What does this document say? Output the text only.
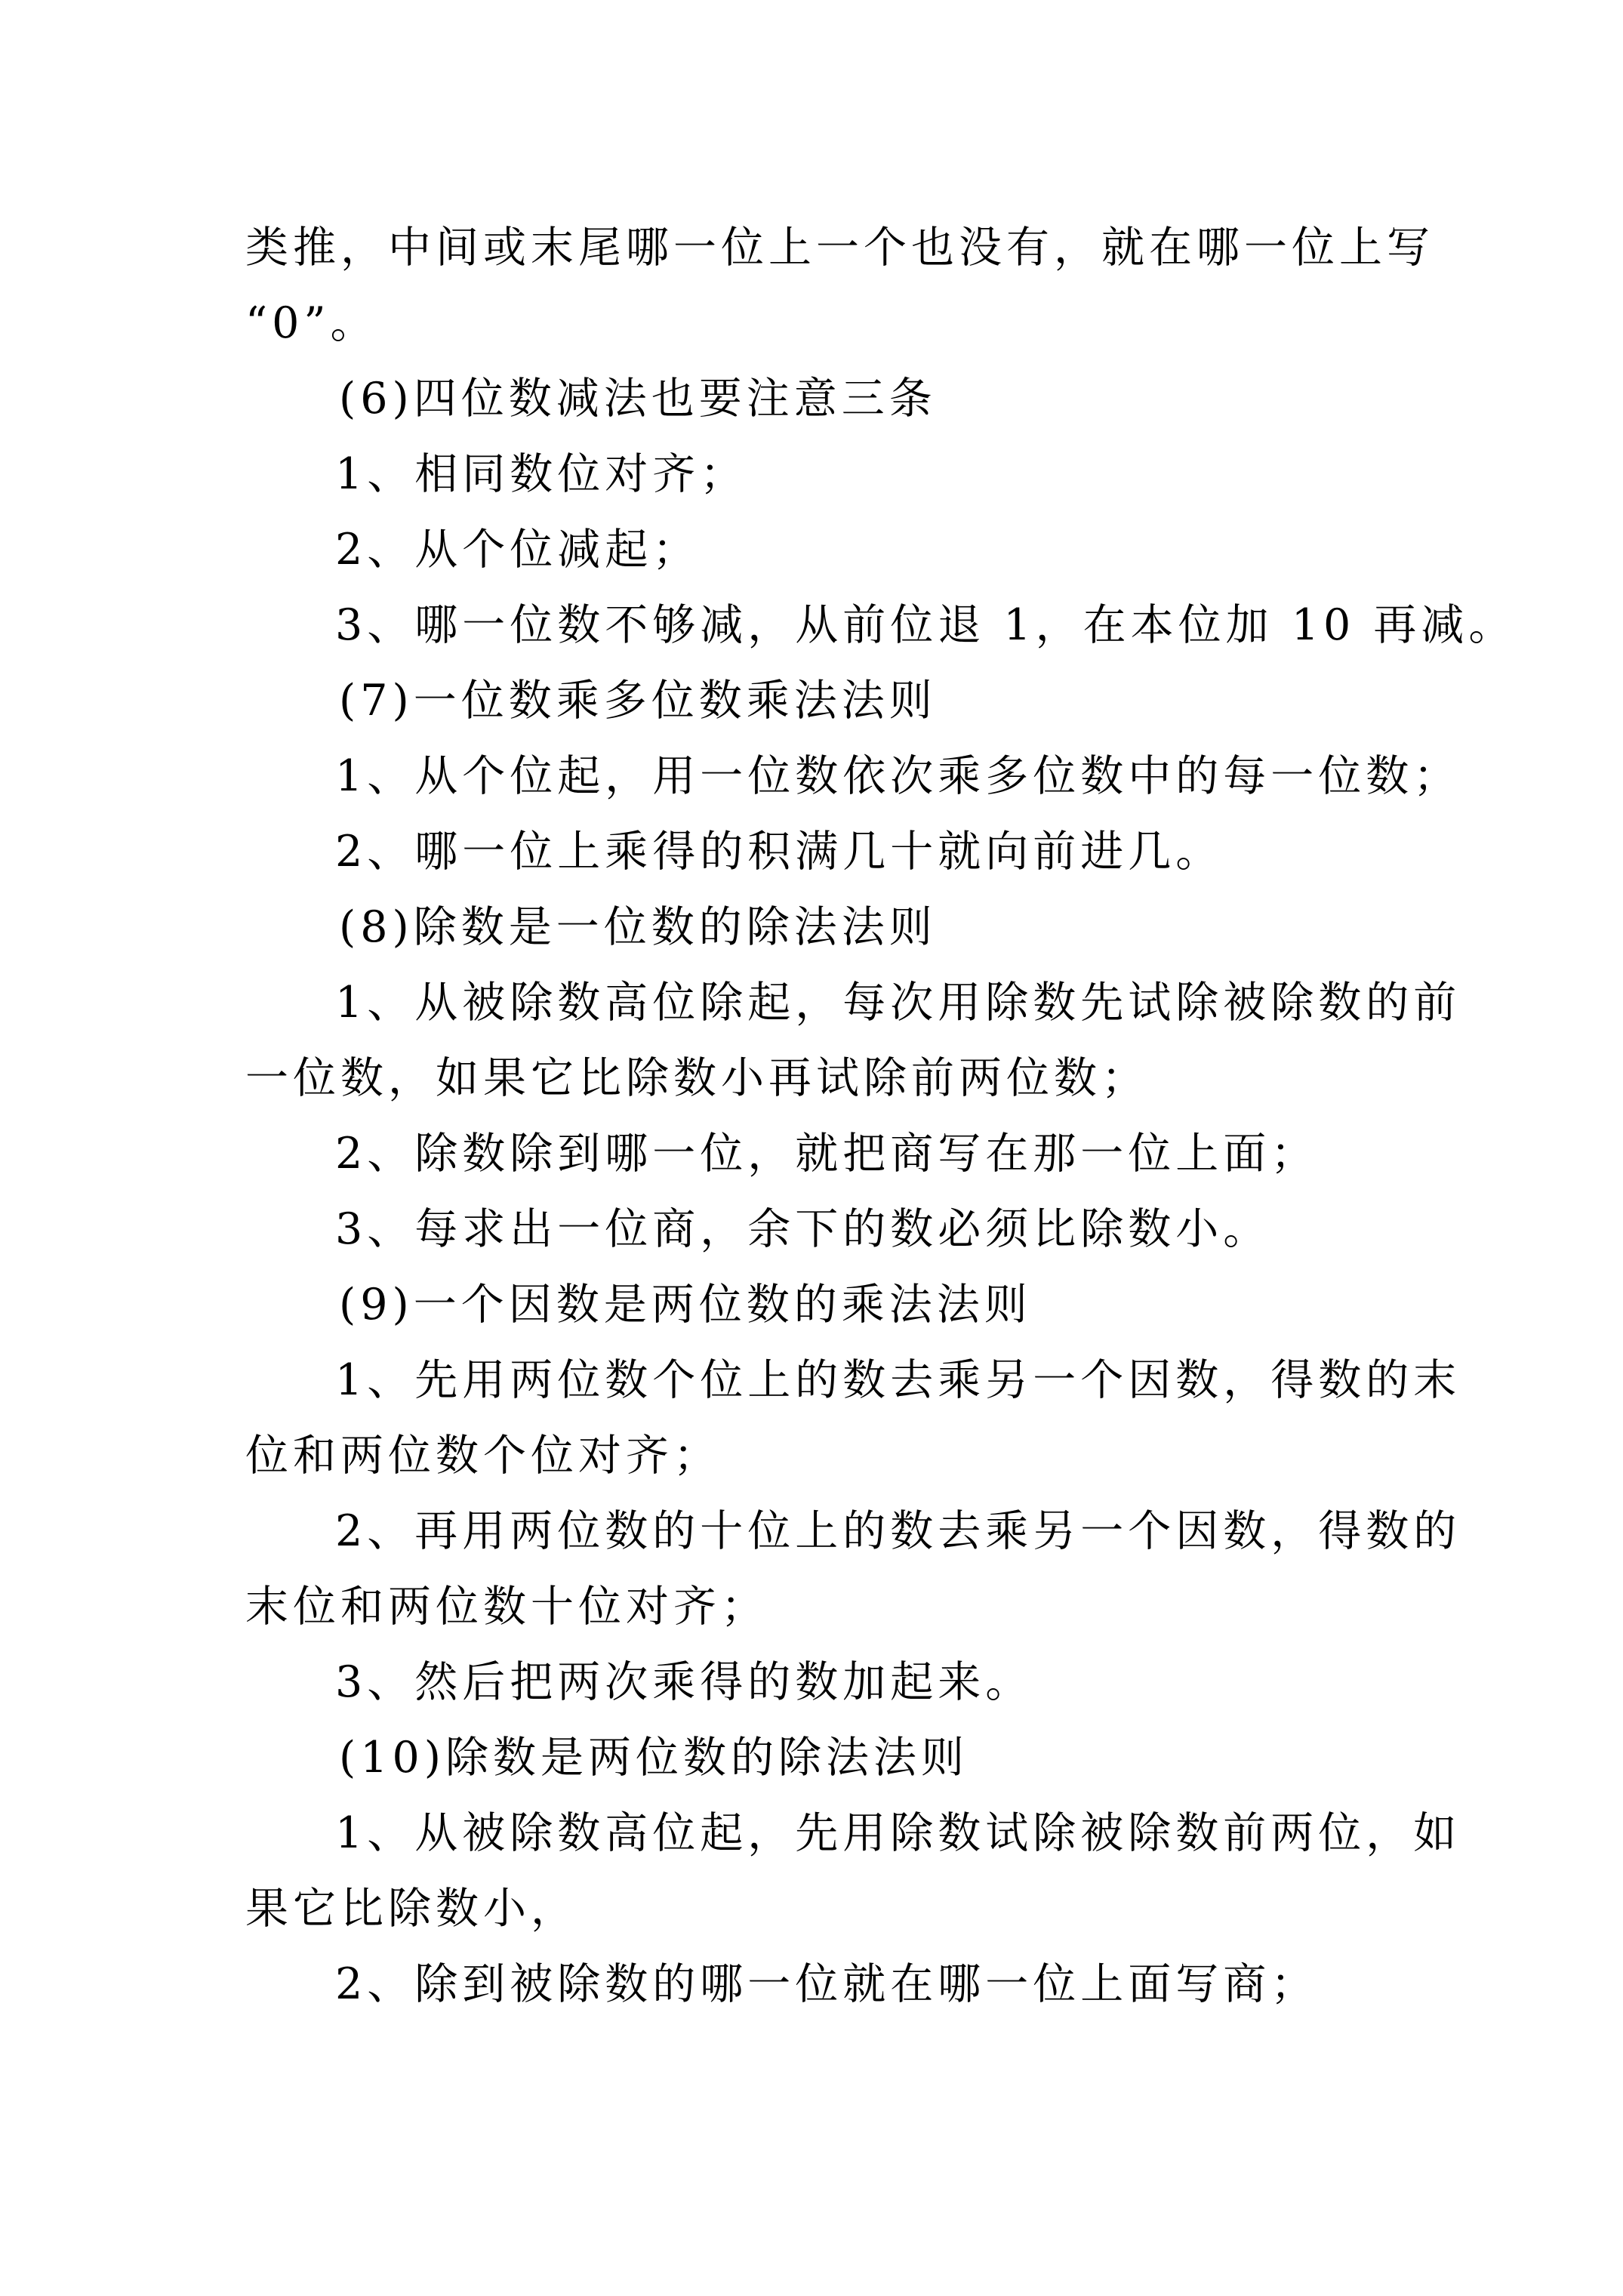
类推，中间或末尾哪一位上一个也没有，就在哪一位上写

“0”。

(6)四位数减法也要注意三条

1、相同数位对齐；

2、从个位减起；

3、哪一位数不够减，从前位退 1，在本位加 10 再减。

(7)一位数乘多位数乘法法则

1、从个位起，用一位数依次乘多位数中的每一位数；

2、哪一位上乘得的积满几十就向前进几。

(8)除数是一位数的除法法则

1、从被除数高位除起，每次用除数先试除被除数的前

一位数，如果它比除数小再试除前两位数；

2、除数除到哪一位，就把商写在那一位上面；

3、每求出一位商，余下的数必须比除数小。

(9)一个因数是两位数的乘法法则

1、先用两位数个位上的数去乘另一个因数，得数的末

位和两位数个位对齐；

2、再用两位数的十位上的数去乘另一个因数，得数的

末位和两位数十位对齐；

3、然后把两次乘得的数加起来。

(10)除数是两位数的除法法则

1、从被除数高位起，先用除数试除被除数前两位，如

果它比除数小，

2、除到被除数的哪一位就在哪一位上面写商；
